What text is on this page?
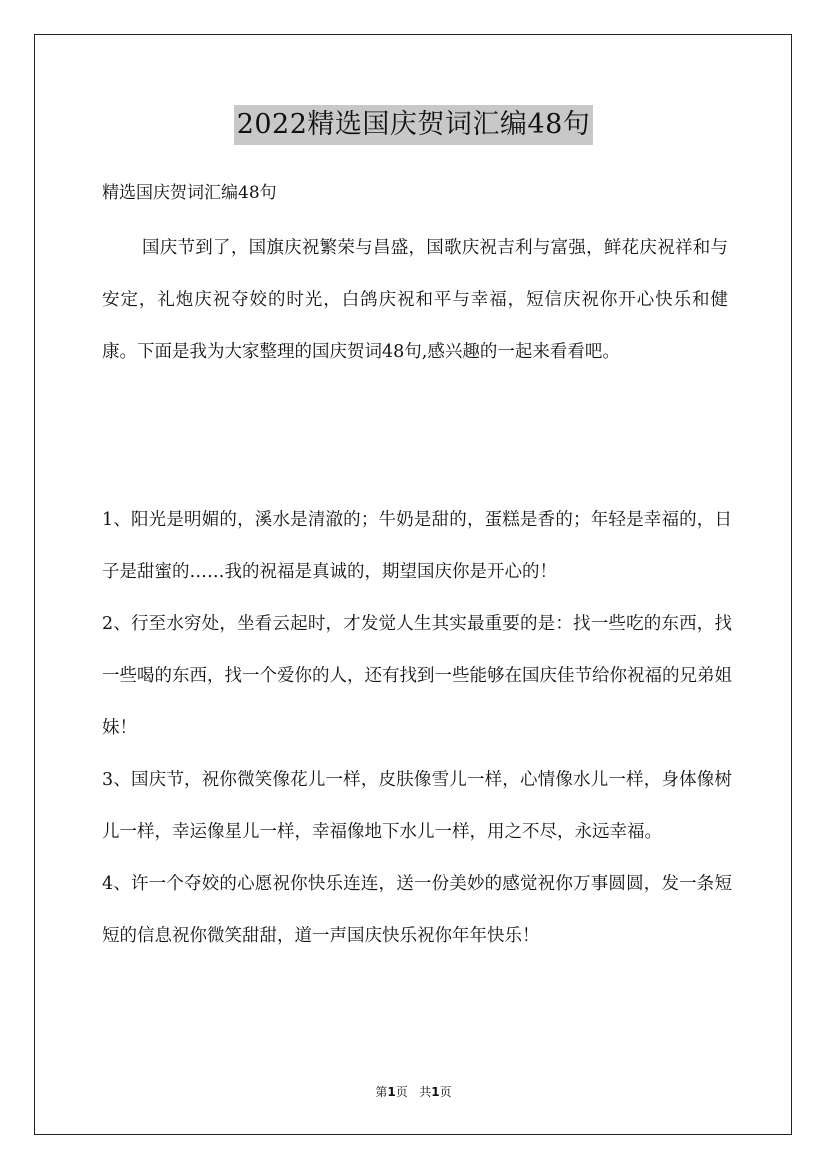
2022精选国庆贺词汇编48句

精选国庆贺词汇编48句

国庆节到了，国旗庆祝繁荣与昌盛，国歌庆祝吉利与富强，鲜花庆祝祥和与安定，礼炮庆祝夺姣的时光，白鸽庆祝和平与幸福，短信庆祝你开心快乐和健康。下面是我为大家整理的国庆贺词48句,感兴趣的一起来看看吧。

1、阳光是明媚的，溪水是清澈的；牛奶是甜的，蛋糕是香的；年轻是幸福的，日子是甜蜜的……我的祝福是真诚的，期望国庆你是开心的！
2、行至水穷处，坐看云起时，才发觉人生其实最重要的是：找一些吃的东西，找一些喝的东西，找一个爱你的人，还有找到一些能够在国庆佳节给你祝福的兄弟姐妹！
3、国庆节，祝你微笑像花儿一样，皮肤像雪儿一样，心情像水儿一样，身体像树儿一样，幸运像星儿一样，幸福像地下水儿一样，用之不尽，永远幸福。
4、许一个夺姣的心愿祝你快乐连连，送一份美妙的感觉祝你万事圆圆，发一条短短的信息祝你微笑甜甜，道一声国庆快乐祝你年年快乐！
第1页 共1页
